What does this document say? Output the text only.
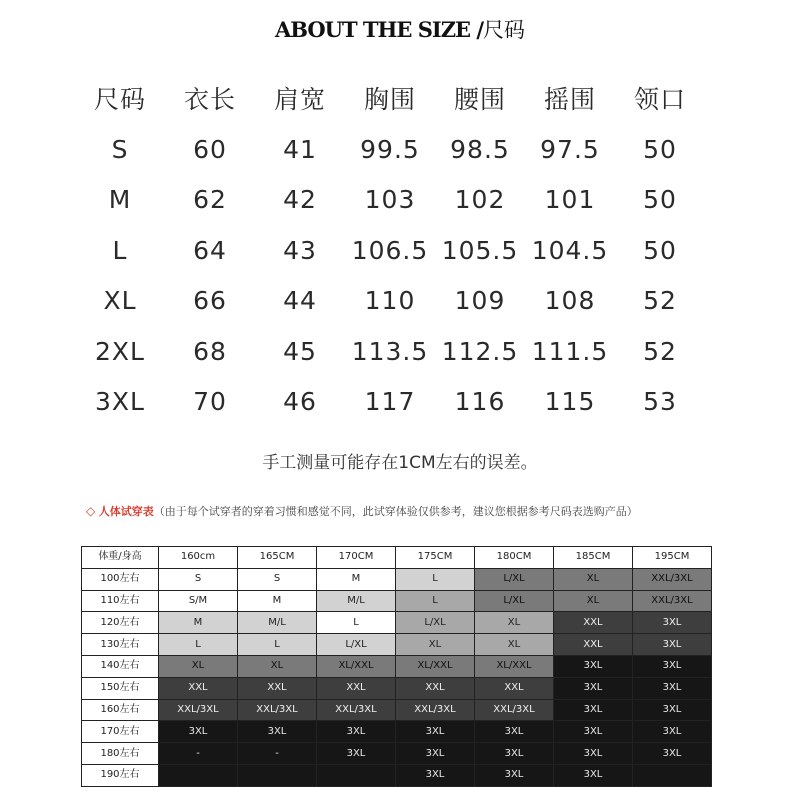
ABOUT THE SIZE /尺码
尺码	衣长	肩宽	胸围	腰围	摇围	领口
S	60	41	99.5	98.5	97.5	50
M	62	42	103	102	101	50
L	64	43	106.5	105.5	104.5	50
XL	66	44	110	109	108	52
2XL	68	45	113.5	112.5	111.5	52
3XL	70	46	117	116	115	53
手工测量可能存在1CM左右的误差。
◇ 人体试穿表（由于每个试穿者的穿着习惯和感觉不同，此试穿体验仅供参考，建议您根据参考尺码表选购产品）
体重/身高	160cm	165CM	170CM	175CM	180CM	185CM	195CM
100左右	S	S	M	L	L/XL	XL	XXL/3XL
110左右	S/M	M	M/L	L	L/XL	XL	XXL/3XL
120左右	M	M/L	L	L/XL	XL	XXL	3XL
130左右	L	L	L/XL	XL	XL	XXL	3XL
140左右	XL	XL	XL/XXL	XL/XXL	XL/XXL	3XL	3XL
150左右	XXL	XXL	XXL	XXL	XXL	3XL	3XL
160左右	XXL/3XL	XXL/3XL	XXL/3XL	XXL/3XL	XXL/3XL	3XL	3XL
170左右	3XL	3XL	3XL	3XL	3XL	3XL	3XL
180左右	-	-	3XL	3XL	3XL	3XL	3XL
190左右				3XL	3XL	3XL	
